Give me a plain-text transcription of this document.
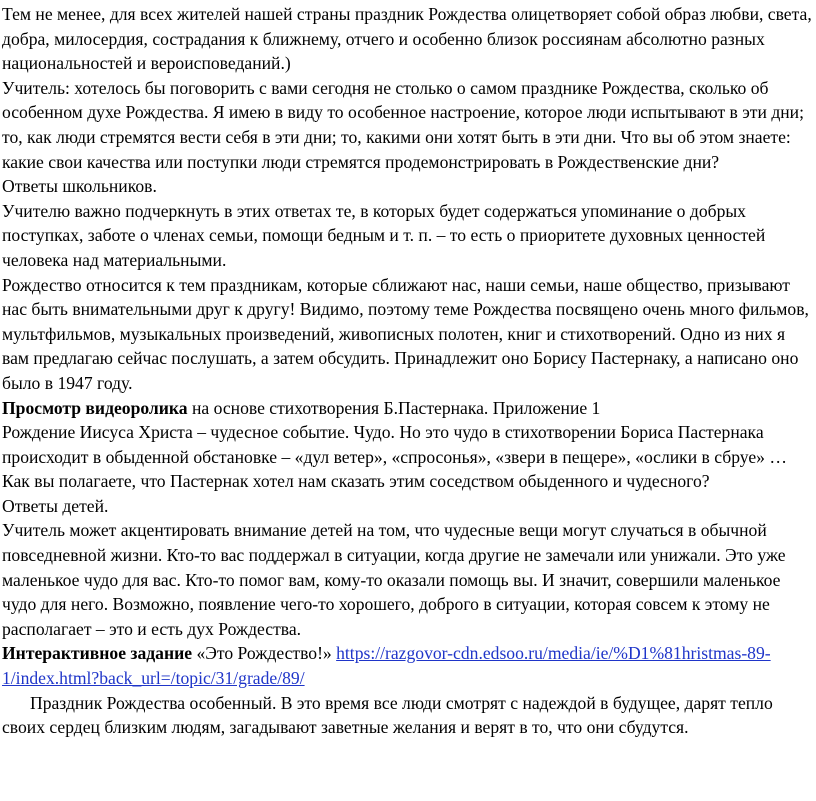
Тем не менее, для всех жителей нашей страны праздник Рождества олицетворяет собой образ любви, света, добра, милосердия, сострадания к ближнему, отчего и особенно близок россиянам абсолютно разных национальностей и вероисповеданий.)

Учитель: хотелось бы поговорить с вами сегодня не столько о самом празднике Рождества, сколько об особенном духе Рождества. Я имею в виду то особенное настроение, которое люди испытывают в эти дни; то, как люди стремятся вести себя в эти дни; то, какими они хотят быть в эти дни. Что вы об этом знаете: какие свои качества или поступки люди стремятся продемонстрировать в Рождественские дни?

Ответы школьников.

Учителю важно подчеркнуть в этих ответах те, в которых будет содержаться упоминание о добрых поступках, заботе о членах семьи, помощи бедным и т. п. – то есть о приоритете духовных ценностей человека над материальными.

Рождество относится к тем праздникам, которые сближают нас, наши семьи, наше общество, призывают нас быть внимательными друг к другу! Видимо, поэтому теме Рождества посвящено очень много фильмов, мультфильмов, музыкальных произведений, живописных полотен, книг и стихотворений. Одно из них я вам предлагаю сейчас послушать, а затем обсудить. Принадлежит оно Борису Пастернаку, а написано оно было в 1947 году.

Просмотр видеоролика на основе стихотворения Б.Пастернака. Приложение 1

Рождение Иисуса Христа – чудесное событие. Чудо. Но это чудо в стихотворении Бориса Пастернака происходит в обыденной обстановке – «дул ветер», «спросонья», «звери в пещере», «ослики в сбруе» …

Как вы полагаете, что Пастернак хотел нам сказать этим соседством обыденного и чудесного?

Ответы детей.

Учитель может акцентировать внимание детей на том, что чудесные вещи могут случаться в обычной повседневной жизни. Кто-то вас поддержал в ситуации, когда другие не замечали или унижали. Это уже маленькое чудо для вас. Кто-то помог вам, кому-то оказали помощь вы. И значит, совершили маленькое чудо для него. Возможно, появление чего-то хорошего, доброго в ситуации, которая совсем к этому не располагает – это и есть дух Рождества.

Интерактивное задание «Это Рождество!» https://razgovor-cdn.edsoo.ru/media/ie/%D1%81hristmas-89-1/index.html?back_url=/topic/31/grade/89/

Праздник Рождества особенный. В это время все люди смотрят с надеждой в будущее, дарят тепло своих сердец близким людям, загадывают заветные желания и верят в то, что они сбудутся.
